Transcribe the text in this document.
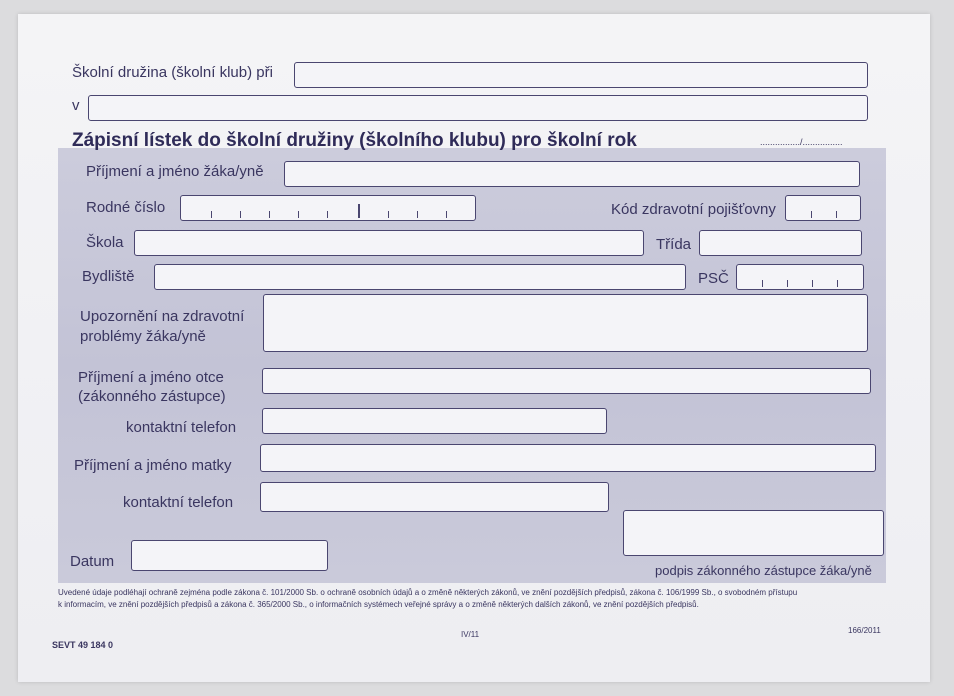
Školní družina (školní klub) při
v
Zápisní lístek do školní družiny (školního klubu) pro školní rok	................/................
Příjmení a jméno žáka/yně
Rodné číslo	Kód zdravotní pojišťovny
Škola	Třída
Bydliště	PSČ
Upozornění na zdravotní
problémy žáka/yně
Příjmení a jméno otce
(zákonného zástupce)
kontaktní telefon
Příjmení a jméno matky
kontaktní telefon
Datum
podpis zákonného zástupce žáka/yně
Uvedené údaje podléhají ochraně zejména podle zákona č. 101/2000 Sb. o ochraně osobních údajů a o změně některých zákonů, ve znění pozdějších předpisů, zákona č. 106/1999 Sb., o svobodném přístupu
k informacím, ve znění pozdějších předpisů a zákona č. 365/2000 Sb., o informačních systémech veřejné správy a o změně některých dalších zákonů, ve znění pozdějších předpisů.
SEVT 49 184 0
IV/11	166/2011
